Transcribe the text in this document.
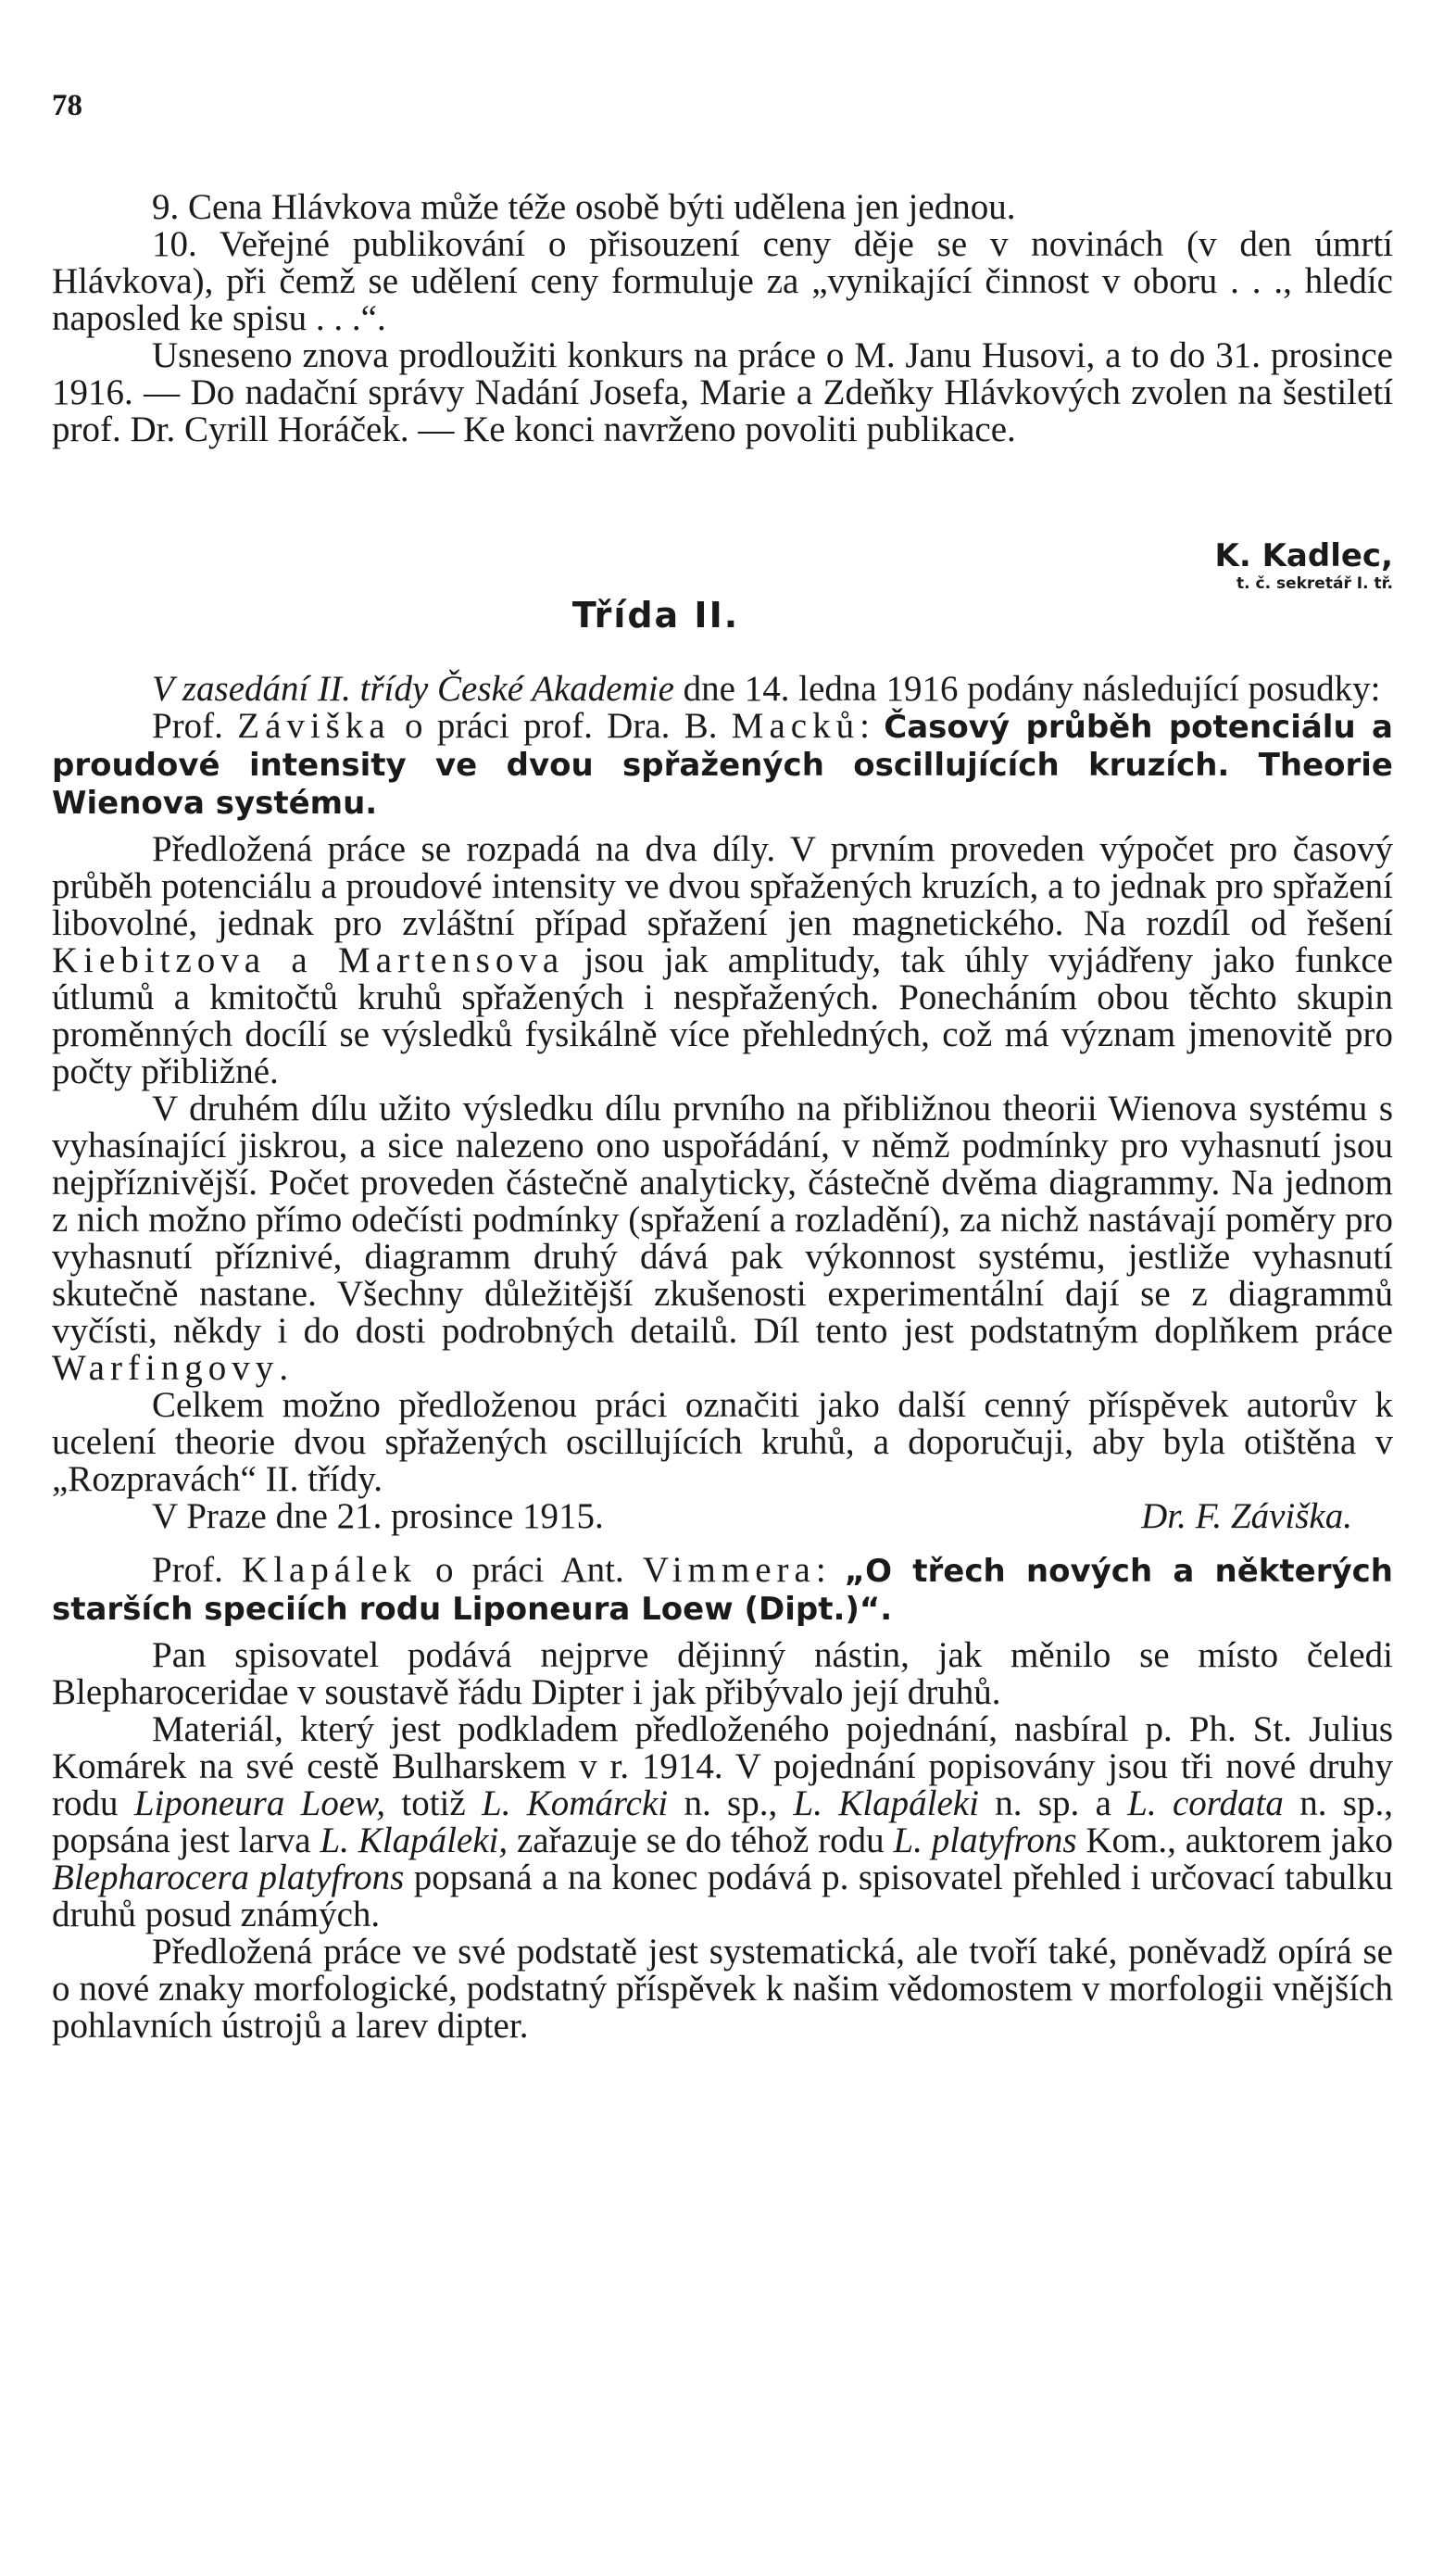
78

9. Cena Hlávkova může téže osobě býti udělena jen jednou.

10. Veřejné publikování o přisouzení ceny děje se v novinách (v den úmrtí Hlávkova), při čemž se udělení ceny formuluje za „vynikající činnost v oboru . . ., hledíc naposled ke spisu . . .“.

Usneseno znova prodloužiti konkurs na práce o M. Janu Husovi, a to do 31. prosince 1916. — Do nadační správy Nadání Josefa, Marie a Zdeňky Hlávkových zvolen na šestiletí prof. Dr. Cyrill Horáček. — Ke konci navrženo povoliti publikace.

K. Kadlec,
t. č. sekretář I. tř.
Třída II.

V zasedání II. třídy České Akademie dne 14. ledna 1916 podány následující posudky:

Prof. Záviška o práci prof. Dra. B. Macků: Časový průběh potenciálu a proudové intensity ve dvou spřažených oscillujících kruzích. Theorie Wienova systému.

Předložená práce se rozpadá na dva díly. V prvním proveden výpočet pro časový průběh potenciálu a proudové intensity ve dvou spřažených kruzích, a to jednak pro spřažení libovolné, jednak pro zvláštní případ spřažení jen magnetického. Na rozdíl od řešení Kiebitzova a Martensova jsou jak amplitudy, tak úhly vyjádřeny jako funkce útlumů a kmitočtů kruhů spřažených i nespřažených. Ponecháním obou těchto skupin proměnných docílí se výsledků fysikálně více přehledných, což má význam jmenovitě pro počty přibližné.

V druhém dílu užito výsledku dílu prvního na přibližnou theorii Wienova systému s vyhasínající jiskrou, a sice nalezeno ono uspořádání, v němž podmínky pro vyhasnutí jsou nejpříznivější. Počet proveden částečně analyticky, částečně dvěma diagrammy. Na jednom z nich možno přímo odečísti podmínky (spřažení a rozladění), za nichž nastávají poměry pro vyhasnutí příznivé, diagramm druhý dává pak výkonnost systému, jestliže vyhasnutí skutečně nastane. Všechny důležitější zkušenosti experimentální dají se z diagrammů vyčísti, někdy i do dosti podrobných detailů. Díl tento jest podstatným doplňkem práce Warfingovy.

Celkem možno předloženou práci označiti jako další cenný příspěvek autorův k ucelení theorie dvou spřažených oscillujících kruhů, a doporučuji, aby byla otištěna v „Rozpravách“ II. třídy.

V Praze dne 21. prosince 1915.	Dr. F. Záviška.

Prof. Klapálek o práci Ant. Vimmera: „O třech nových a některých starších speciích rodu Liponeura Loew (Dipt.)“.

Pan spisovatel podává nejprve dějinný nástin, jak měnilo se místo čeledi Blepharoceridae v soustavě řádu Dipter i jak přibývalo její druhů.

Materiál, který jest podkladem předloženého pojednání, nasbíral p. Ph. St. Julius Komárek na své cestě Bulharskem v r. 1914. V pojednání popisovány jsou tři nové druhy rodu Liponeura Loew, totiž L. Komárcki n. sp., L. Klapáleki n. sp. a L. cordata n. sp., popsána jest larva L. Klapáleki, zařazuje se do téhož rodu L. platyfrons Kom., auktorem jako Blepharocera platyfrons popsaná a na konec podává p. spisovatel přehled i určovací tabulku druhů posud známých.

Předložená práce ve své podstatě jest systematická, ale tvoří také, poněvadž opírá se o nové znaky morfologické, podstatný příspěvek k našim vědomostem v morfologii vnějších pohlavních ústrojů a larev dipter.
